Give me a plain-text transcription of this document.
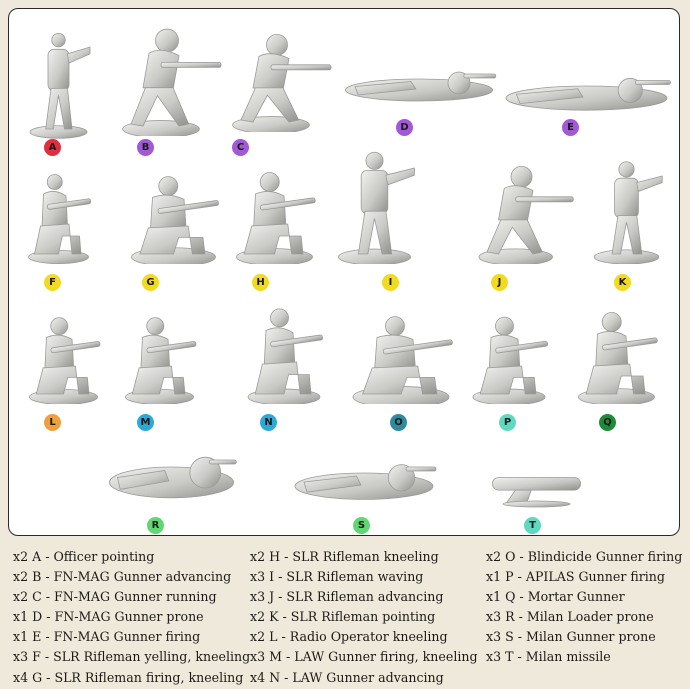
A	B	C
D	E
F	G	H	I	J	K
L	M	N	O	P	Q
R	S	T
x2 A - Officer pointing
x2 B - FN-MAG Gunner advancing
x2 C - FN-MAG Gunner running
x1 D - FN-MAG Gunner prone
x1 E - FN-MAG Gunner firing
x3 F - SLR Rifleman yelling, kneeling
x4 G - SLR Rifleman firing, kneeling
x2 H - SLR Rifleman kneeling
x3 I - SLR Rifleman waving
x3 J - SLR Rifleman advancing
x2 K - SLR Rifleman pointing
x2 L - Radio Operator kneeling
x3 M - LAW Gunner firing, kneeling
x4 N - LAW Gunner advancing
x2 O - Blindicide Gunner firing
x1 P - APILAS Gunner firing
x1 Q - Mortar Gunner
x3 R - Milan Loader prone
x3 S - Milan Gunner prone
x3 T - Milan missile
